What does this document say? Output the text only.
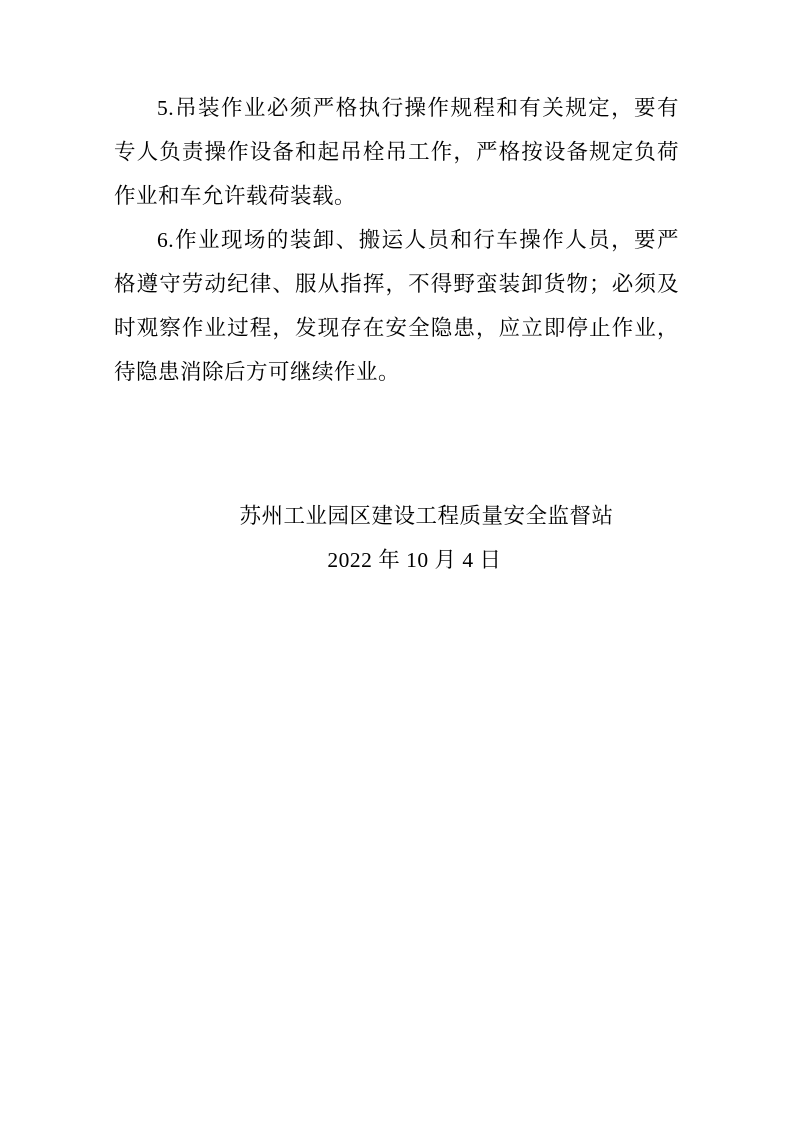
5.吊装作业必须严格执行操作规程和有关规定，要有专人负责操作设备和起吊栓吊工作，严格按设备规定负荷作业和车允许载荷装载。

6.作业现场的装卸、搬运人员和行车操作人员，要严格遵守劳动纪律、服从指挥，不得野蛮装卸货物；必须及时观察作业过程，发现存在安全隐患，应立即停止作业，待隐患消除后方可继续作业。

苏州工业园区建设工程质量安全监督站
2022 年 10 月 4 日
